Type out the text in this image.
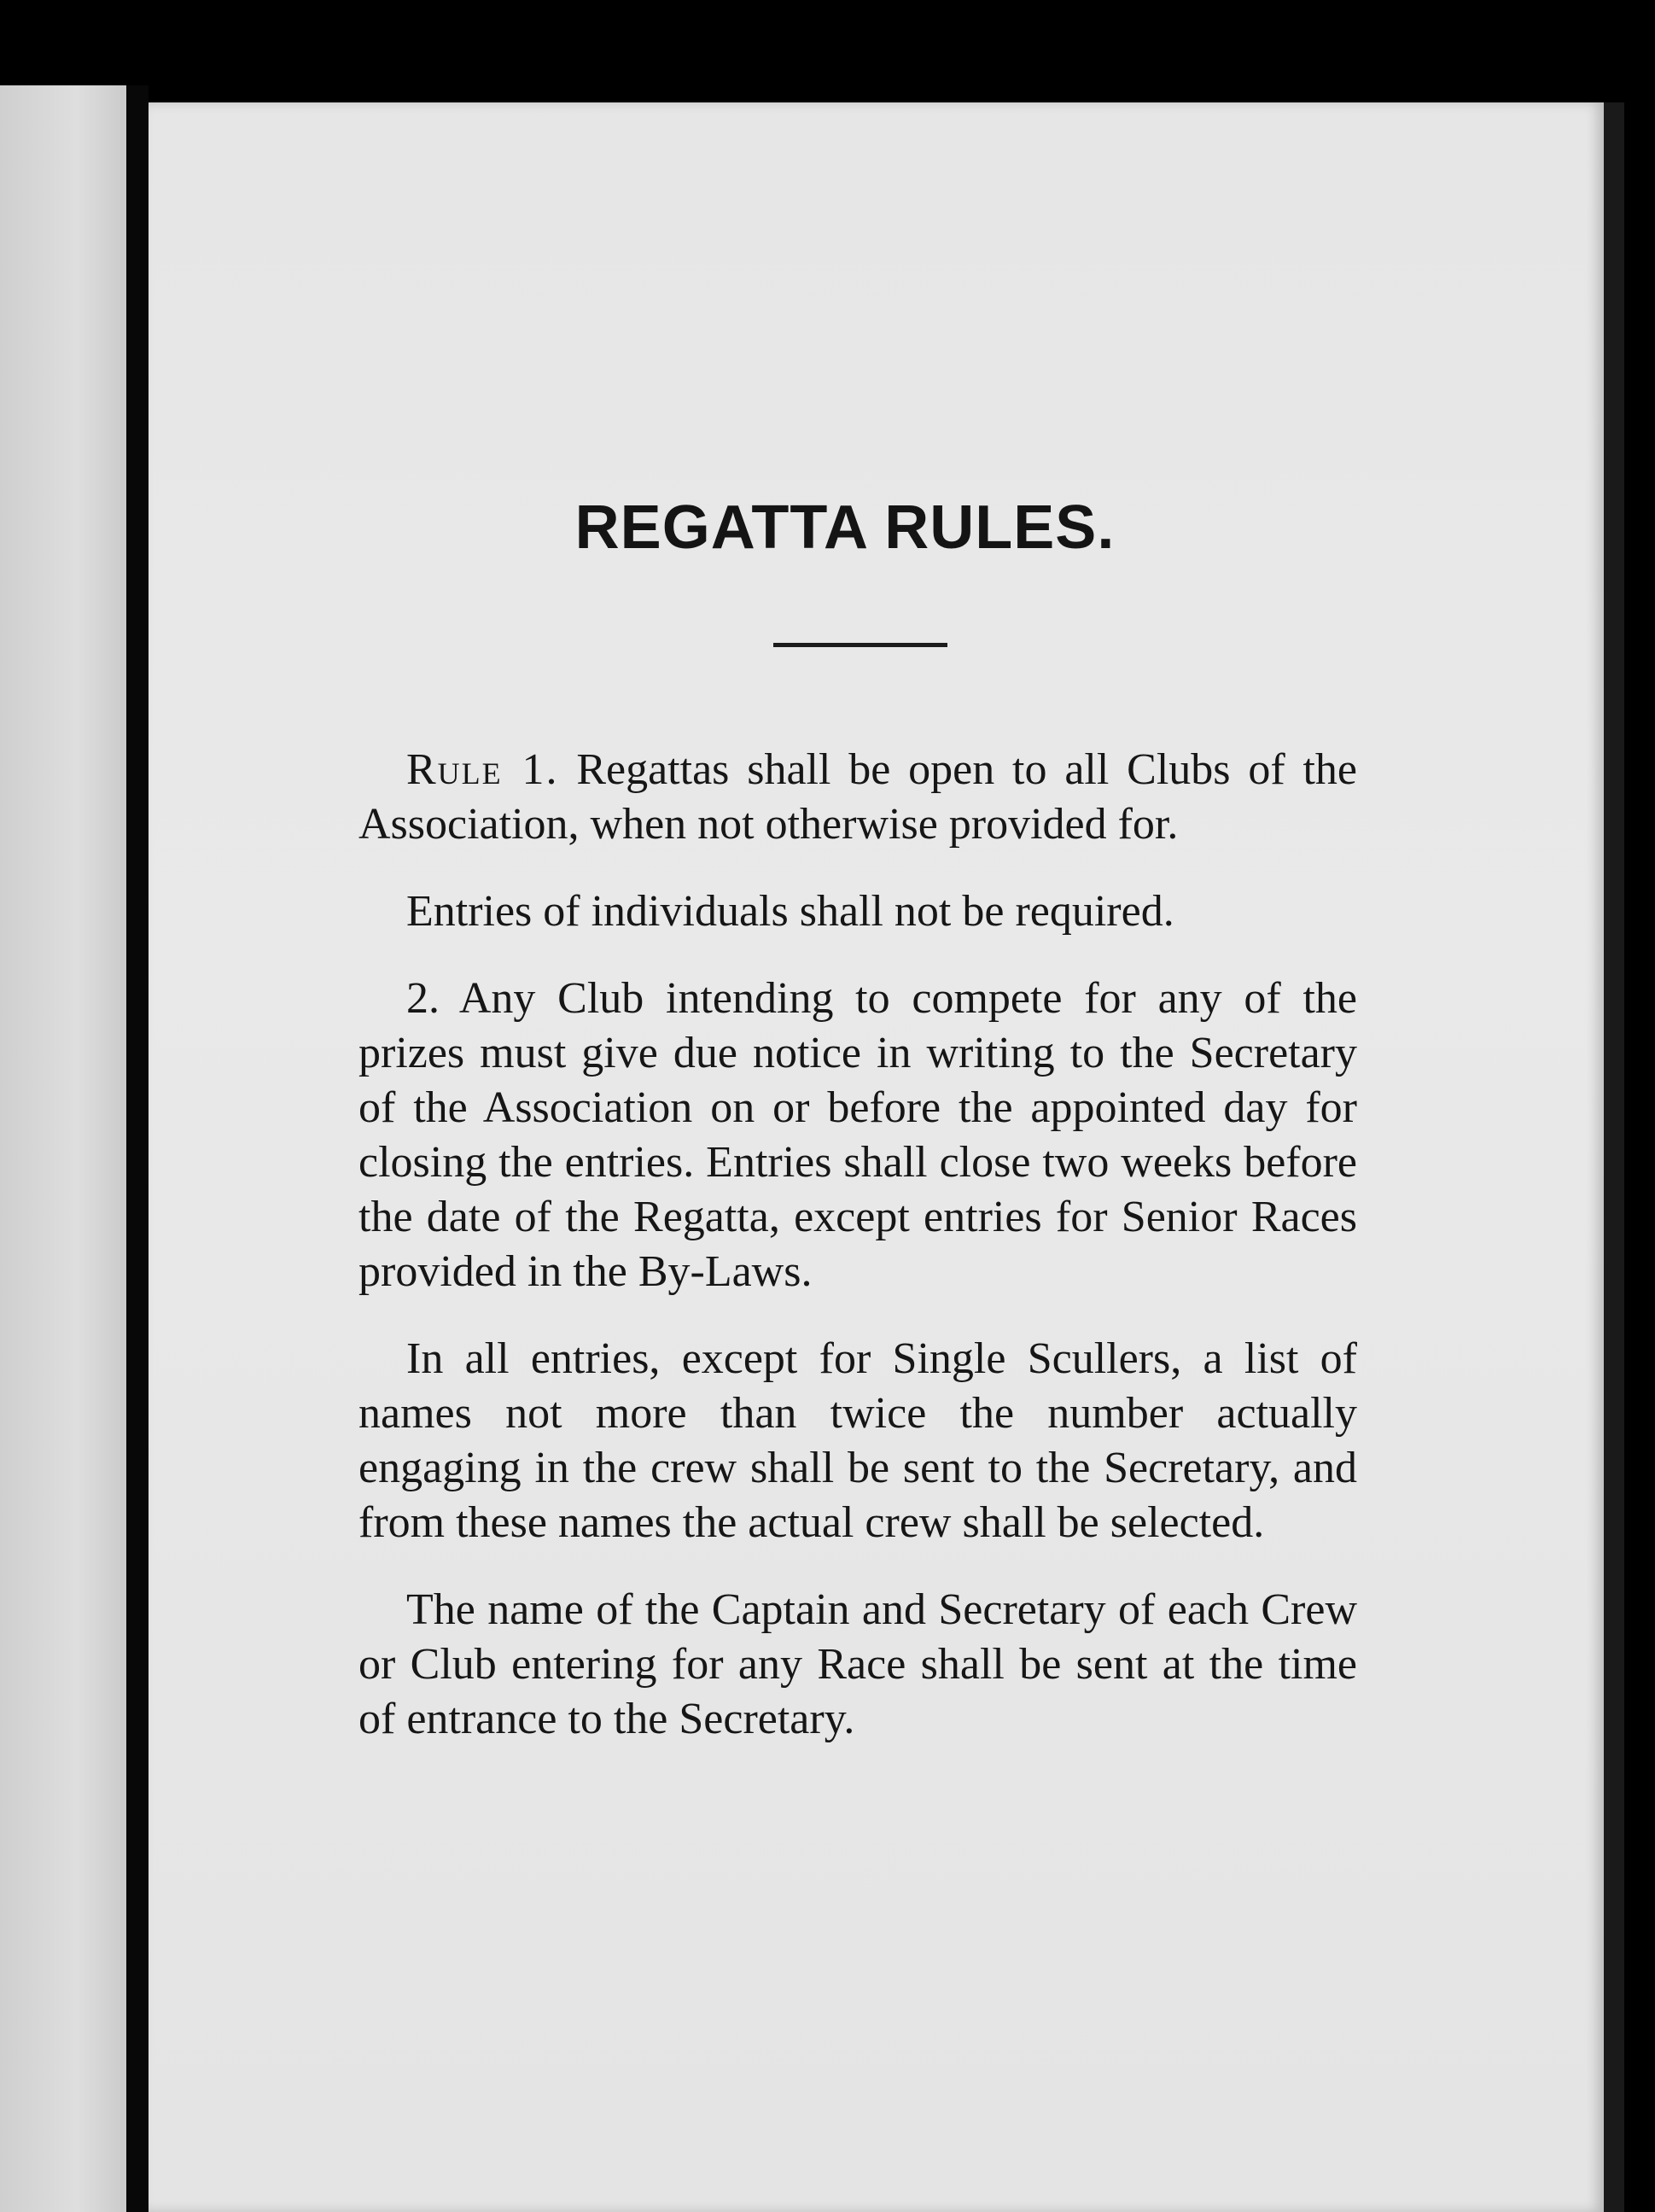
REGATTA RULES.

Rule 1. Regattas shall be open to all Clubs of the Association, when not otherwise provided for.

Entries of individuals shall not be required.

2. Any Club intending to compete for any of the prizes must give due notice in writing to the Secretary of the Association on or before the appointed day for closing the entries. Entries shall close two weeks before the date of the Regatta, except entries for Senior Races provided in the By-Laws.

In all entries, except for Single Scullers, a list of names not more than twice the number actually engaging in the crew shall be sent to the Secretary, and from these names the actual crew shall be selected.

The name of the Captain and Secretary of each Crew or Club entering for any Race shall be sent at the time of entrance to the Secretary.
